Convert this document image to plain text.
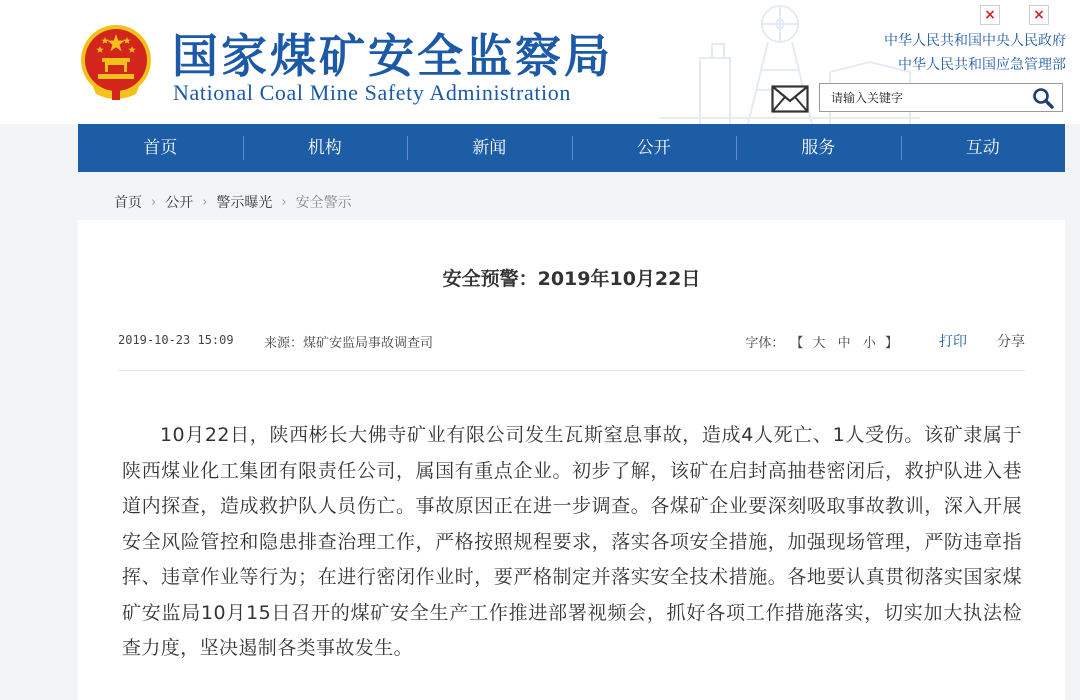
国家煤矿安全监察局
National Coal Mine Safety Administration
×	×
中华人民共和国中央人民政府
中华人民共和国应急管理部
请输入关键字
首页	机构	新闻	公开	服务	互动
首页 › 公开 › 警示曝光 › 安全警示
安全预警：2019年10月22日
2019-10-23 15:09 来源：煤矿安监局事故调查司	字体： 【 大 中 小 】	打印 分享

10月22日，陕西彬长大佛寺矿业有限公司发生瓦斯窒息事故，造成4人死亡、1人受伤。该矿隶属于陕西煤业化工集团有限责任公司，属国有重点企业。初步了解，该矿在启封高抽巷密闭后，救护队进入巷道内探查，造成救护队人员伤亡。事故原因正在进一步调查。各煤矿企业要深刻吸取事故教训，深入开展安全风险管控和隐患排查治理工作，严格按照规程要求，落实各项安全措施，加强现场管理，严防违章指挥、违章作业等行为；在进行密闭作业时，要严格制定并落实安全技术措施。各地要认真贯彻落实国家煤矿安监局10月15日召开的煤矿安全生产工作推进部署视频会，抓好各项工作措施落实，切实加大执法检查力度，坚决遏制各类事故发生。
